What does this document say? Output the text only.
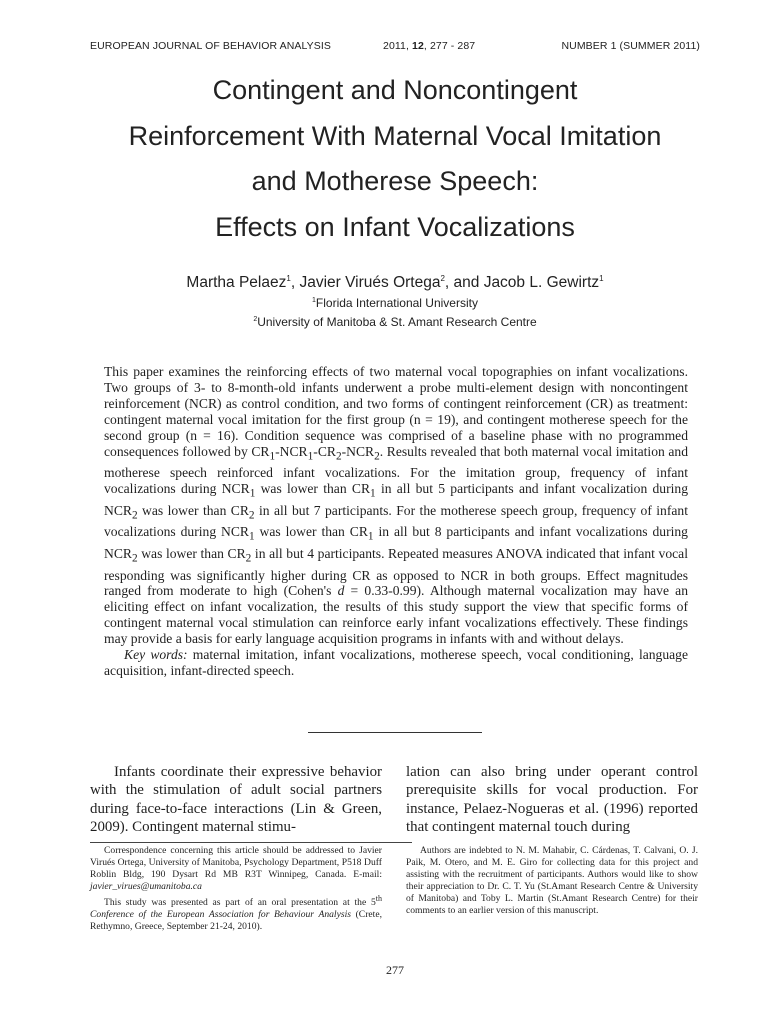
EUROPEAN JOURNAL OF BEHAVIOR ANALYSIS	2011, 12, 277 - 287	NUMBER 1 (SUMMER 2011)
Contingent and Noncontingent
Reinforcement With Maternal Vocal Imitation
and Motherese Speech:
Effects on Infant Vocalizations
Martha Pelaez$^1$, Javier Virués Ortega$^2$, and Jacob L. Gewirtz$^1$
$^1$Florida International University
$^2$University of Manitoba & St. Amant Research Centre

This paper examines the reinforcing effects of two maternal vocal topographies on infant vocalizations. Two groups of 3- to 8-month-old infants underwent a probe multi-element design with noncontingent reinforcement (NCR) as control condition, and two forms of contingent reinforcement (CR) as treatment: contingent maternal vocal imitation for the first group (n = 19), and contingent motherese speech for the second group (n = 16). Condition sequence was comprised of a baseline phase with no programmed consequences followed by $CR_1-NCR_1-CR_2-NCR_2$. Results revealed that both maternal vocal imitation and motherese speech reinforced infant vocalizations. For the imitation group, frequency of infant vocalizations during $NCR_1$ was lower than $CR_1$ in all but 5 participants and infant vocalization during $NCR_2$ was lower than $CR_2$ in all but 7 participants. For the motherese speech group, frequency of infant vocalizations during $NCR_1$ was lower than $CR_1$ in all but 8 participants and infant vocalizations during $NCR_2$ was lower than $CR_2$ in all but 4 participants. Repeated measures ANOVA indicated that infant vocal responding was significantly higher during CR as opposed to NCR in both groups. Effect magnitudes ranged from moderate to high (Cohen's d = 0.33-0.99). Although maternal vocalization may have an eliciting effect on infant vocalization, the results of this study support the view that specific forms of contingent maternal vocal stimulation can reinforce early infant vocalizations effectively. These findings may provide a basis for early language acquisition programs in infants with and without delays.

Key words: maternal imitation, infant vocalizations, motherese speech, vocal conditioning, language acquisition, infant-directed speech.

Infants coordinate their expressive behavior with the stimulation of adult social partners during face-to-face interactions (Lin & Green, 2009). Contingent maternal stimu-

lation can also bring under operant control prerequisite skills for vocal production. For instance, Pelaez-Nogueras et al. (1996) reported that contingent maternal touch during

Correspondence concerning this article should be addressed to Javier Virués Ortega, University of Manitoba, Psychology Department, P518 Duff Roblin Bldg, 190 Dysart Rd MB R3T Winnipeg, Canada. E-mail: javier_virues@umanitoba.ca

This study was presented as part of an oral presentation at the 5th Conference of the European Association for Behaviour Analysis (Crete, Rethymno, Greece, September 21-24, 2010).

Authors are indebted to N. M. Mahabir, C. Cárdenas, T. Calvani, O. J. Paik, M. Otero, and M. E. Giro for collecting data for this project and assisting with the recruitment of participants. Authors would like to show their appreciation to Dr. C. T. Yu (St.Amant Research Centre & University of Manitoba) and Toby L. Martin (St.Amant Research Centre) for their comments to an earlier version of this manuscript.

277
